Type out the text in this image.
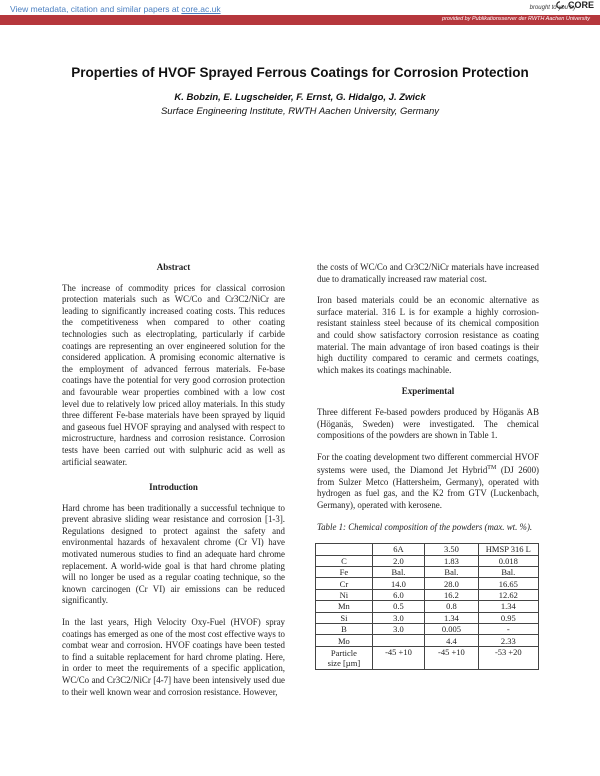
View metadata, citation and similar papers at core.ac.uk	brought to you by
CORE
provided by Publikationsserver der RWTH Aachen University
Properties of HVOF Sprayed Ferrous Coatings for Corrosion Protection
K. Bobzin, E. Lugscheider, F. Ernst, G. Hidalgo, J. Zwick
Surface Engineering Institute, RWTH Aachen University, Germany
Abstract

The increase of commodity prices for classical corrosion protection materials such as WC/Co and Cr3C2/NiCr are leading to significantly increased coating costs. This reduces the competitiveness when compared to other coating technologies such as electroplating, particularly if carbide coatings are representing an over engineered solution for the considered application. A promising economic alternative is the employment of advanced ferrous materials. Fe-base coatings have the potential for very good corrosion protection and favourable wear properties combined with a low cost level due to relatively low priced alloy materials. In this study three different Fe-base materials have been sprayed by liquid and gaseous fuel HVOF spraying and analysed with respect to microstructure, hardness and corrosion resistance. Corrosion tests have been carried out with sulphuric acid as well as artificial seawater.

Introduction

Hard chrome has been traditionally a successful technique to prevent abrasive sliding wear resistance and corrosion [1-3]. Regulations designed to protect against the safety and environmental hazards of hexavalent chrome (Cr VI) have motivated numerous studies to find an adequate hard chrome replacement. A world-wide goal is that hard chrome plating will no longer be used as a regular coating technique, so the known carcinogen (Cr VI) air emissions can be reduced significantly.

In the last years, High Velocity Oxy-Fuel (HVOF) spray coatings has emerged as one of the most cost effective ways to combat wear and corrosion. HVOF coatings have been tested to find a suitable replacement for hard chrome plating. Here, in order to meet the requirements of a specific application, WC/Co and Cr3C2/NiCr [4-7] have been intensively used due to their well known wear and corrosion resistance. However,

the costs of WC/Co and Cr3C2/NiCr materials have increased due to dramatically increased raw material cost.

Iron based materials could be an economic alternative as surface material. 316 L is for example a highly corrosion-resistant stainless steel because of its chemical composition and could show satisfactory corrosion resistance as coating material. The main advantage of iron based coatings is their high ductility compared to ceramic and cermets coatings, which makes its coatings machinable.

Experimental

Three different Fe-based powders produced by Höganäs AB (Höganäs, Sweden) were investigated. The chemical compositions of the powders are shown in Table 1.

For the coating development two different commercial HVOF systems were used, the Diamond Jet Hybrid™ (DJ 2600) from Sulzer Metco (Hattersheim, Germany), operated with hydrogen as fuel gas, and the K2 from GTV (Luckenbach, Germany), operated with kerosene.

Table 1: Chemical composition of the powders (max. wt. %).

	6A	3.50	HMSP 316 L
C	2.0	1.83	0.018
Fe	Bal.	Bal.	Bal.
Cr	14.0	28.0	16.65
Ni	6.0	16.2	12.62
Mn	0.5	0.8	1.34
Si	3.0	1.34	0.95
B	3.0	0.005	-
Mo		4.4	2.33
Particle
size [µm]	-45 +10	-45 +10	-53 +20
